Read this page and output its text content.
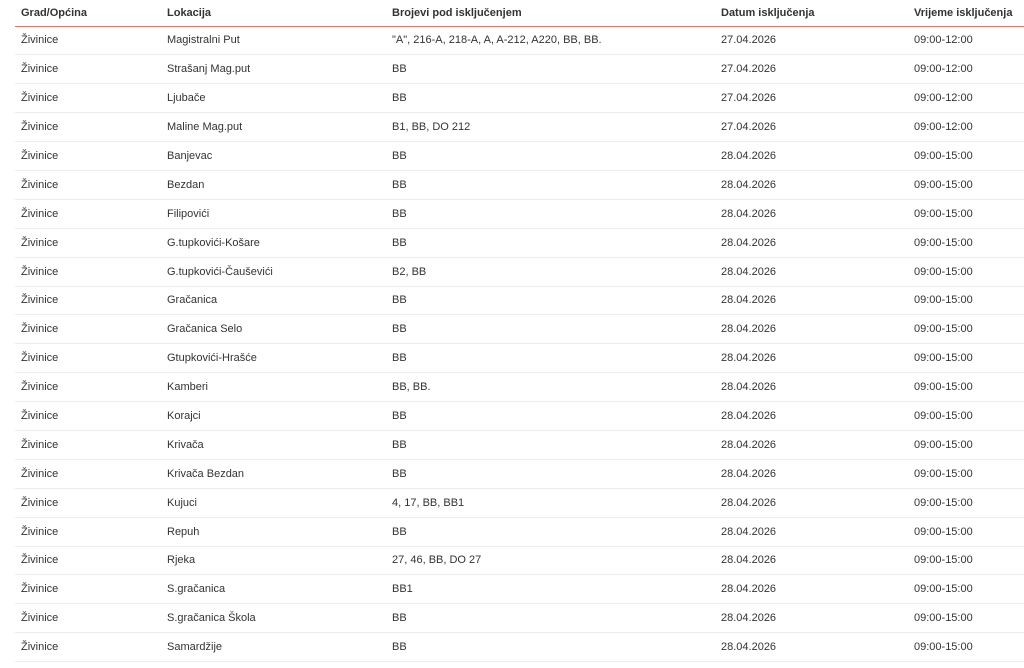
Grad/Općina	Lokacija	Brojevi pod isključenjem	Datum isključenja	Vrijeme isključenja
Živinice	Magistralni Put	"A", 216-A, 218-A, A, A-212, A220, BB, BB.	27.04.2026	09:00-12:00
Živinice	Strašanj Mag.put	BB	27.04.2026	09:00-12:00
Živinice	Ljubače	BB	27.04.2026	09:00-12:00
Živinice	Maline Mag.put	B1, BB, DO 212	27.04.2026	09:00-12:00
Živinice	Banjevac	BB	28.04.2026	09:00-15:00
Živinice	Bezdan	BB	28.04.2026	09:00-15:00
Živinice	Filipovići	BB	28.04.2026	09:00-15:00
Živinice	G.tupkovići-Košare	BB	28.04.2026	09:00-15:00
Živinice	G.tupkovići-Čauševići	B2, BB	28.04.2026	09:00-15:00
Živinice	Gračanica	BB	28.04.2026	09:00-15:00
Živinice	Gračanica Selo	BB	28.04.2026	09:00-15:00
Živinice	Gtupkovići-Hrašće	BB	28.04.2026	09:00-15:00
Živinice	Kamberi	BB, BB.	28.04.2026	09:00-15:00
Živinice	Korajci	BB	28.04.2026	09:00-15:00
Živinice	Krivača	BB	28.04.2026	09:00-15:00
Živinice	Krivača Bezdan	BB	28.04.2026	09:00-15:00
Živinice	Kujuci	4, 17, BB, BB1	28.04.2026	09:00-15:00
Živinice	Repuh	BB	28.04.2026	09:00-15:00
Živinice	Rjeka	27, 46, BB, DO 27	28.04.2026	09:00-15:00
Živinice	S.gračanica	BB1	28.04.2026	09:00-15:00
Živinice	S.gračanica Škola	BB	28.04.2026	09:00-15:00
Živinice	Samardžije	BB	28.04.2026	09:00-15:00
